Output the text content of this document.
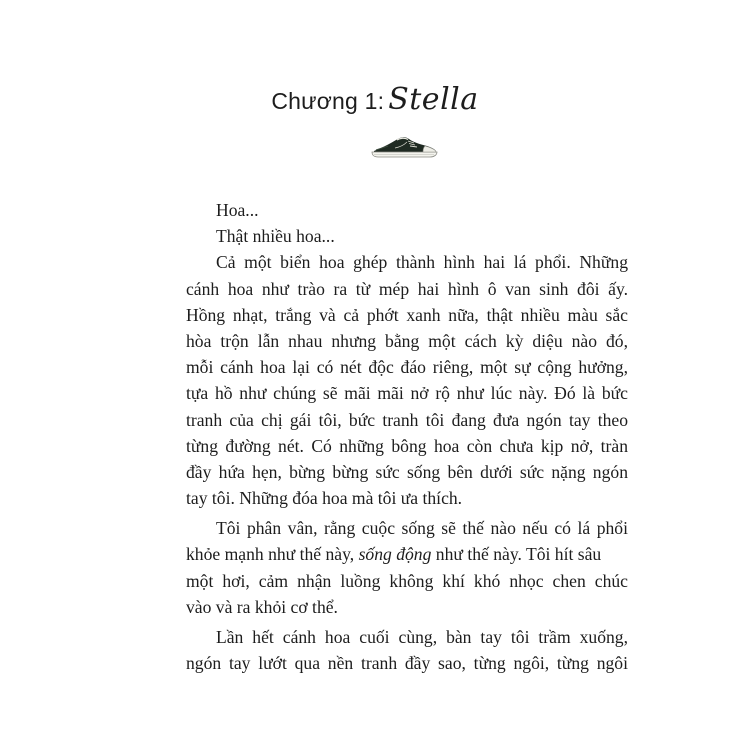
Chương 1: Stella
Hoa...
Thật nhiều hoa...
Cả một biển hoa ghép thành hình hai lá phổi. Những
cánh hoa như trào ra từ mép hai hình ô van sinh đôi ấy.
Hồng nhạt, trắng và cả phớt xanh nữa, thật nhiều màu sắc
hòa trộn lẫn nhau nhưng bằng một cách kỳ diệu nào đó,
mỗi cánh hoa lại có nét độc đáo riêng, một sự cộng hưởng,
tựa hồ như chúng sẽ mãi mãi nở rộ như lúc này. Đó là bức
tranh của chị gái tôi, bức tranh tôi đang đưa ngón tay theo
từng đường nét. Có những bông hoa còn chưa kịp nở, tràn
đầy hứa hẹn, bừng bừng sức sống bên dưới sức nặng ngón
tay tôi. Những đóa hoa mà tôi ưa thích.
Tôi phân vân, rằng cuộc sống sẽ thế nào nếu có lá phổi
khỏe mạnh như thế này, sống động như thế này. Tôi hít sâu
một hơi, cảm nhận luồng không khí khó nhọc chen chúc
vào và ra khỏi cơ thể.
Lần hết cánh hoa cuối cùng, bàn tay tôi trầm xuống,
ngón tay lướt qua nền tranh đầy sao, từng ngôi, từng ngôi
